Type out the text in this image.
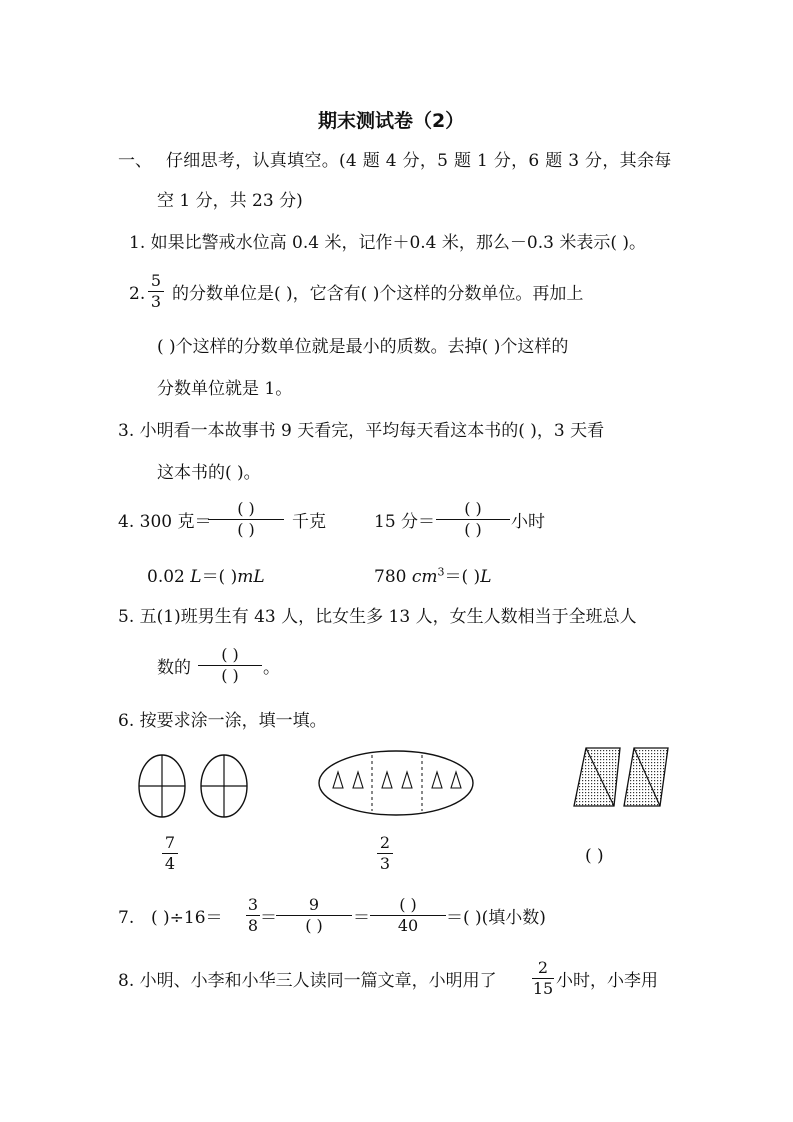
期末测试卷（2）
一、 仔细思考，认真填空。(4 题 4 分，5 题 1 分，6 题 3 分，其余每
空 1 分，共 23 分)
1. 如果比警戒水位高 0.4 米，记作＋0.4 米，那么－0.3 米表示( )。
2.
5
3 的分数单位是( )，它含有( )个这样的分数单位。再加上
( )个这样的分数单位就是最小的质数。去掉( )个这样的
分数单位就是 1。
3. 小明看一本故事书 9 天看完，平均每天看这本书的( )，3 天看
这本书的( )。
4. 300 克＝
( )
( )	千克	15 分＝
( )
( )	小时
0.02 L＝( )mL	780 $cm^3=$( )L
5. 五(1)班男生有 43 人，比女生多 13 人，女生人数相当于全班总人
数的
( )
( )	。
6. 按要求涂一涂，填一填。
7
4
2
3	( )
7. ( )÷16＝
3
8 ＝
9
( )	＝
( )
40	＝( )(填小数)
8. 小明、小李和小华三人读同一篇文章，小明用了
2
15 小时，小李用
